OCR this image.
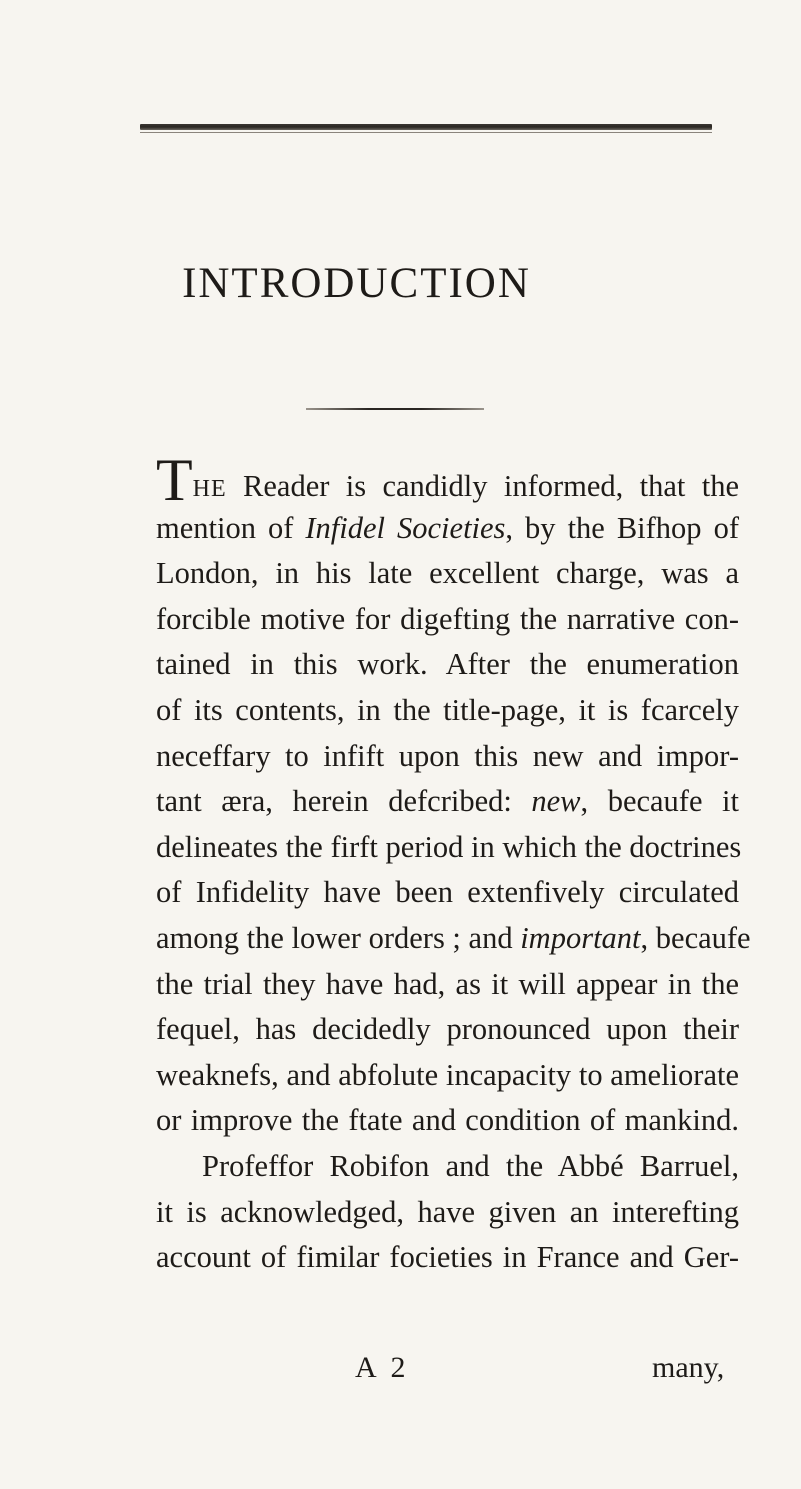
INTRODUCTION
THE Reader is candidly informed, that the
mention of Infidel Societies, by the Bifhop of
London, in his late excellent charge, was a
forcible motive for digefting the narrative con-
tained in this work. After the enumeration
of its contents, in the title-page, it is fcarcely
neceffary to infift upon this new and impor-
tant æra, herein defcribed: new, becaufe it
delineates the firft period in which the doctrines
of Infidelity have been extenfively circulated
among the lower orders ; and important, becaufe
the trial they have had, as it will appear in the
fequel, has decidedly pronounced upon their
weaknefs, and abfolute incapacity to ameliorate
or improve the ftate and condition of mankind.
Profeffor Robifon and the Abbé Barruel,
it is acknowledged, have given an interefting
account of fimilar focieties in France and Ger-
A 2	many,
